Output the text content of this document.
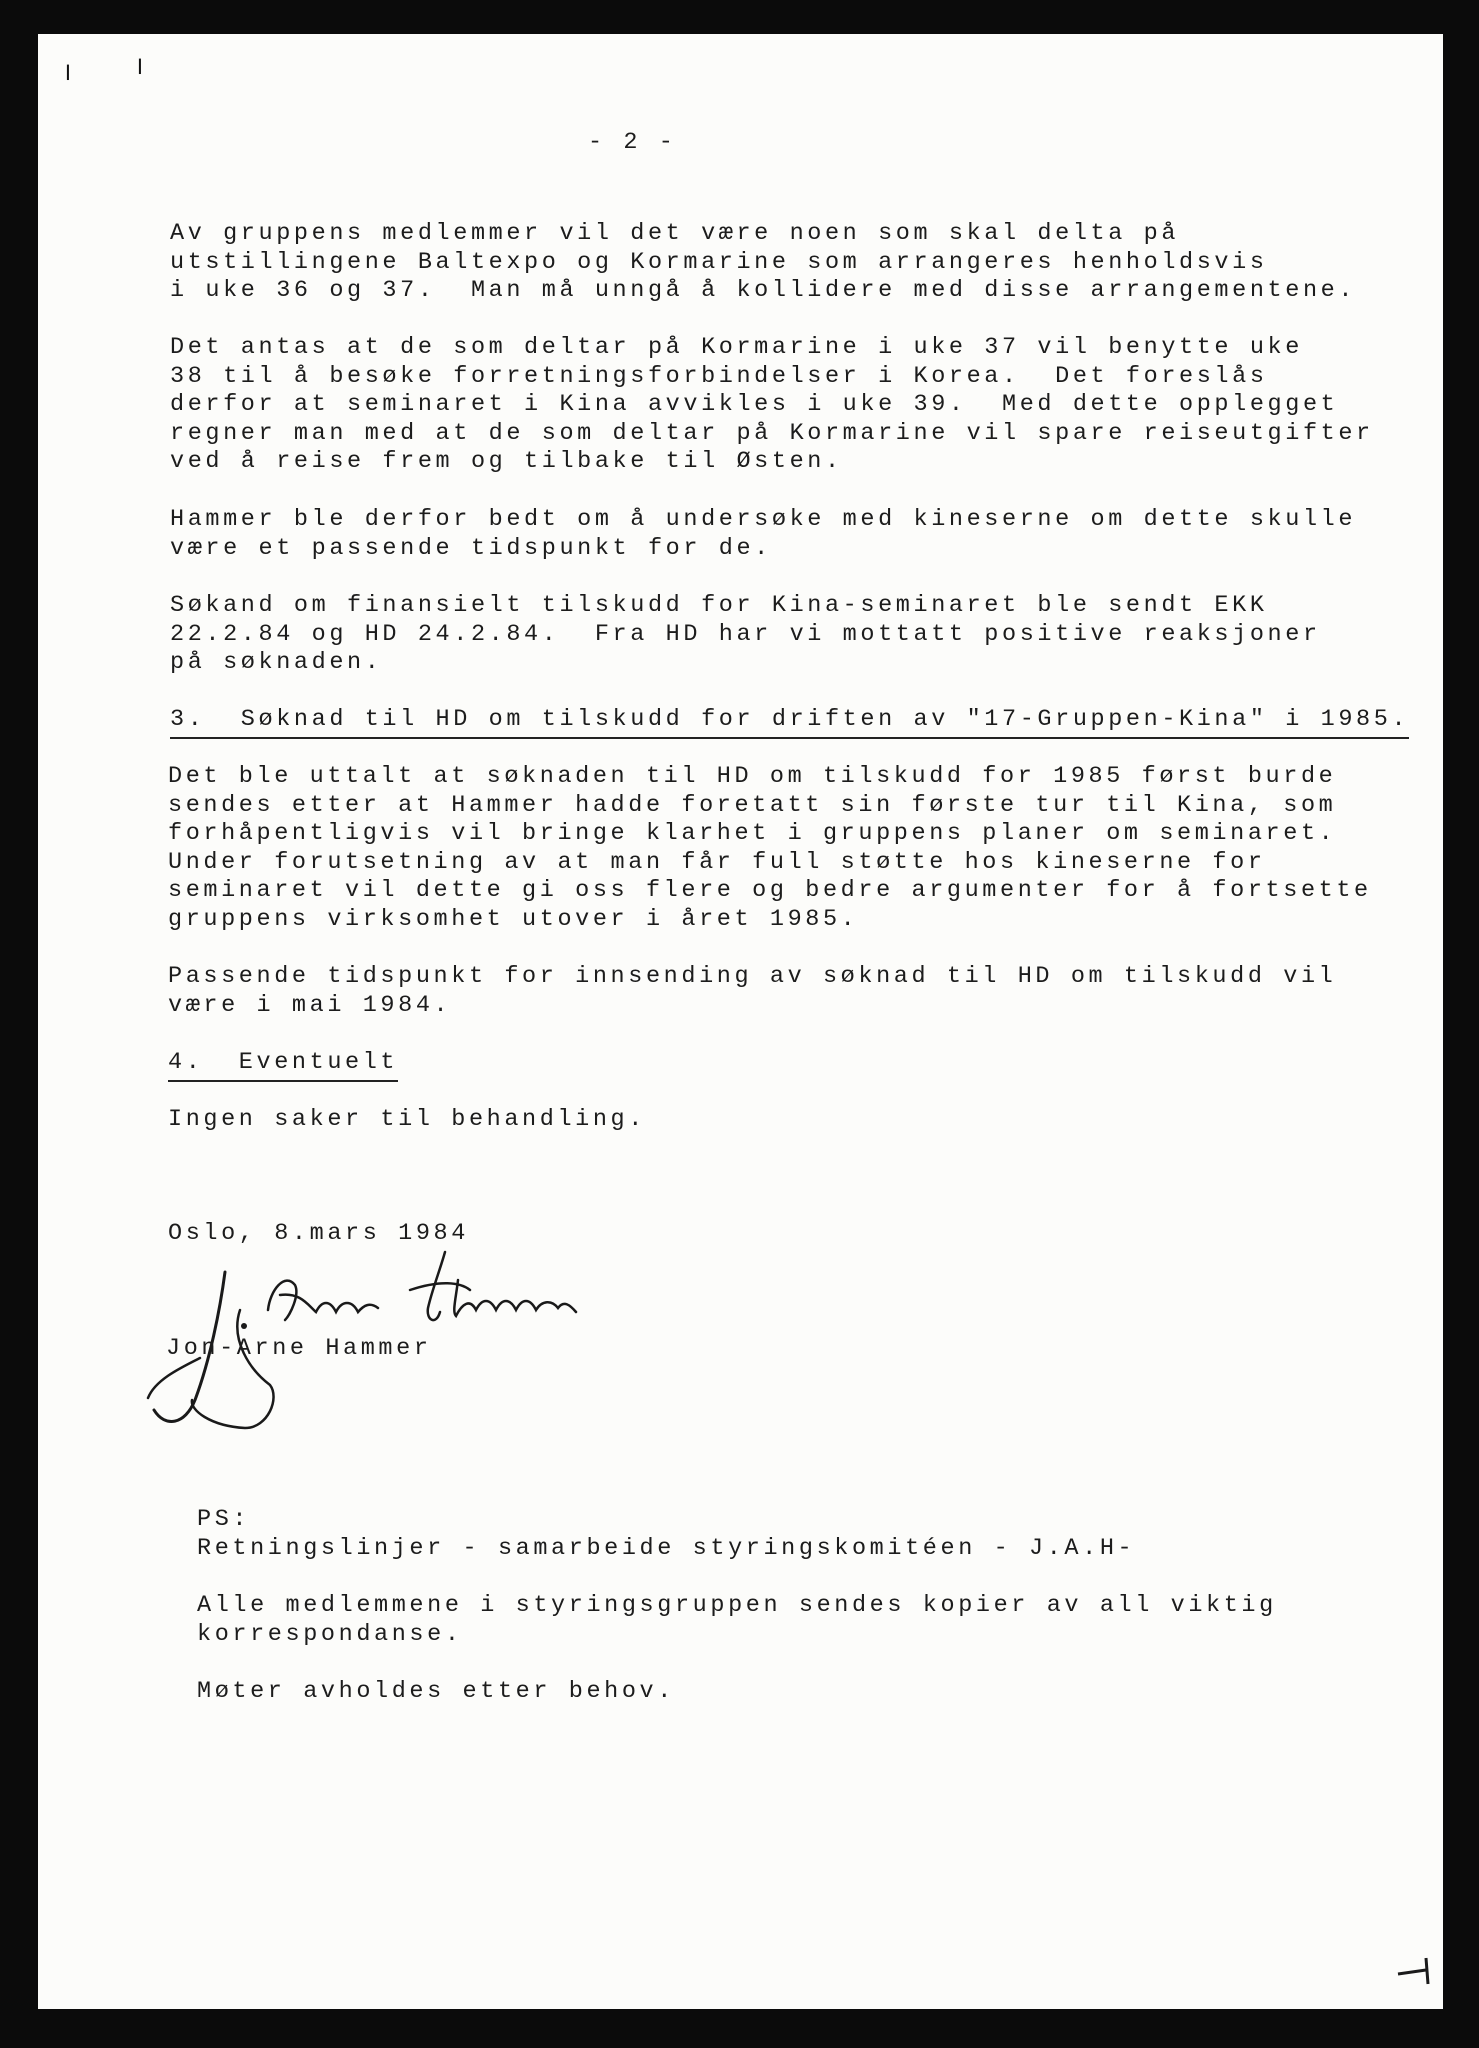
╵ ╵

- 2 -

Av gruppens medlemmer vil det være noen som skal delta på

utstillingene Baltexpo og Kormarine som arrangeres henholdsvis

i uke 36 og 37.  Man må unngå å kollidere med disse arrangementene.

Det antas at de som deltar på Kormarine i uke 37 vil benytte uke

38 til å besøke forretningsforbindelser i Korea.  Det foreslås

derfor at seminaret i Kina avvikles i uke 39.  Med dette opplegget

regner man med at de som deltar på Kormarine vil spare reiseutgifter

ved å reise frem og tilbake til Østen.

Hammer ble derfor bedt om å undersøke med kineserne om dette skulle

være et passende tidspunkt for de.

Søkand om finansielt tilskudd for Kina-seminaret ble sendt EKK

22.2.84 og HD 24.2.84.  Fra HD har vi mottatt positive reaksjoner

på søknaden.

3.  Søknad til HD om tilskudd for driften av "17-Gruppen-Kina" i 1985.

Det ble uttalt at søknaden til HD om tilskudd for 1985 først burde

sendes etter at Hammer hadde foretatt sin første tur til Kina, som

forhåpentligvis vil bringe klarhet i gruppens planer om seminaret.

Under forutsetning av at man får full støtte hos kineserne for

seminaret vil dette gi oss flere og bedre argumenter for å fortsette

gruppens virksomhet utover i året 1985.

Passende tidspunkt for innsending av søknad til HD om tilskudd vil

være i mai 1984.

4.  Eventuelt

Ingen saker til behandling.

Oslo, 8.mars 1984

Jon-Arne Hammer

PS:

Retningslinjer - samarbeide styringskomitéen - J.A.H-

Alle medlemmene i styringsgruppen sendes kopier av all viktig

korrespondanse.

Møter avholdes etter behov.
